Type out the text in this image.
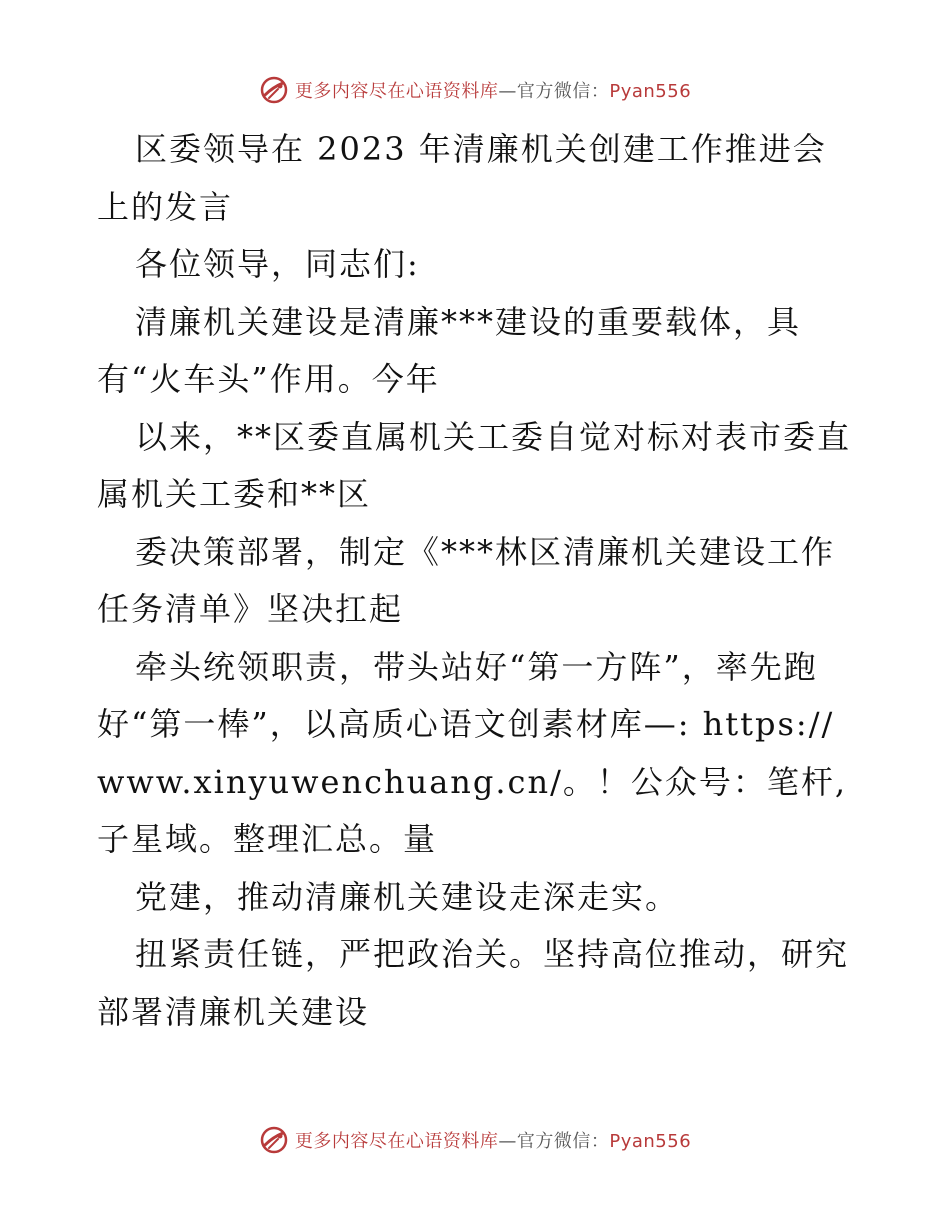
更多内容尽在心语资料库—官方微信：Pyan556

区委领导在 2023 年清廉机关创建工作推进会上的发言

各位领导，同志们:

清廉机关建设是清廉***建设的重要载体，具有“火车头”作用。今年

以来，**区委直属机关工委自觉对标对表市委直属机关工委和**区

委决策部署，制定《***林区清廉机关建设工作任务清单》坚决扛起

牵头统领职责，带头站好“第一方阵”，率先跑好“第一棒”，以高质心语文创素材库—: https://www.xinyuwenchuang.cn/。！公众号：笔杆,子星域。整理汇总。量

党建，推动清廉机关建设走深走实。

扭紧责任链，严把政治关。坚持高位推动，研究部署清廉机关建设

更多内容尽在心语资料库—官方微信：Pyan556
